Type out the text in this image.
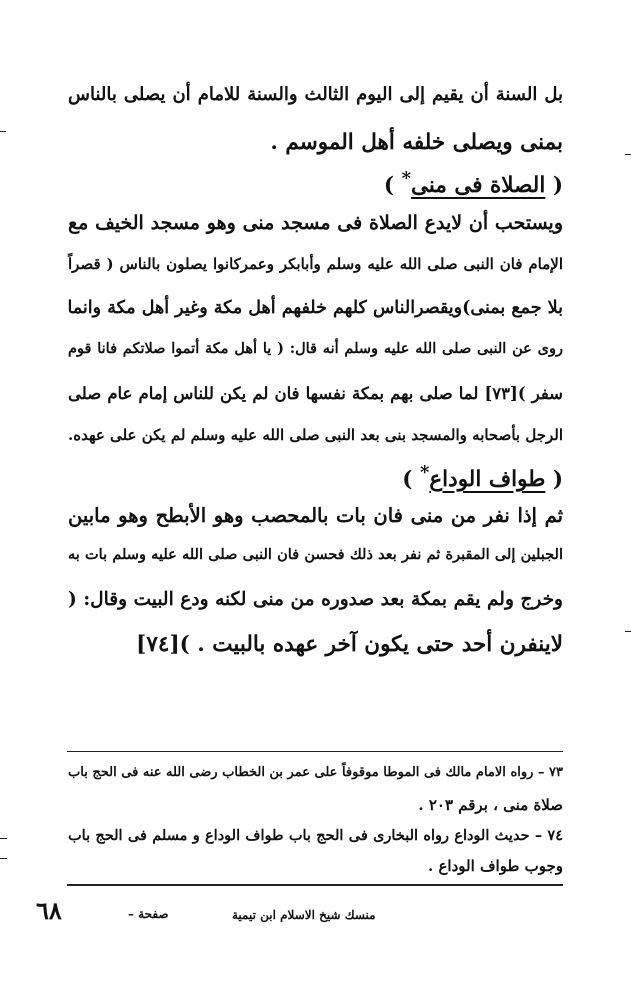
بل السنة أن يقيم إلى اليوم الثالث والسنة للامام أن يصلى بالناس
بمنى ويصلى خلفه أهل الموسم .
( الصلاة فى منى* )
ويستحب أن لايدع الصلاة فى مسجد منى وهو مسجد الخيف مع
الإمام فان النبى صلى الله عليه وسلم وأبابكر وعمركانوا يصلون بالناس ( قصراً
بلا جمع بمنى)ويقصرالناس كلهم خلفهم أهل مكة وغير أهل مكة وانما
روى عن النبى صلى الله عليه وسلم أنه قال: ( يا أهل مكة أتموا صلاتكم فانا قوم
سفر )[٧٣] لما صلى بهم بمكة نفسها فان لم يكن للناس إمام عام صلى
الرجل بأصحابه والمسجد بنى بعد النبى صلى الله عليه وسلم لم يكن على عهده.
( طواف الوداع* )
ثم إذا نفر من منى فان بات بالمحصب وهو الأبطح وهو مابين
الجبلين إلى المقبرة ثم نفر بعد ذلك فحسن فان النبى صلى الله عليه وسلم بات به
وخرج ولم يقم بمكة بعد صدوره من منى لكنه ودع البيت وقال: (
لاينفرن أحد حتى يكون آخر عهده بالبيت . )[٧٤]
٧٣ – رواه الامام مالك فى الموطا موقوفاً على عمر بن الخطاب رضى الله عنه فى الحج باب
صلاة منى ، برقم ٢٠٣ .
٧٤ – حديث الوداع رواه البخارى فى الحج باب طواف الوداع و مسلم فى الحج باب
وجوب طواف الوداع .
منسك شيخ الاسلام ابن تيمية
صفحة –
٦٨
